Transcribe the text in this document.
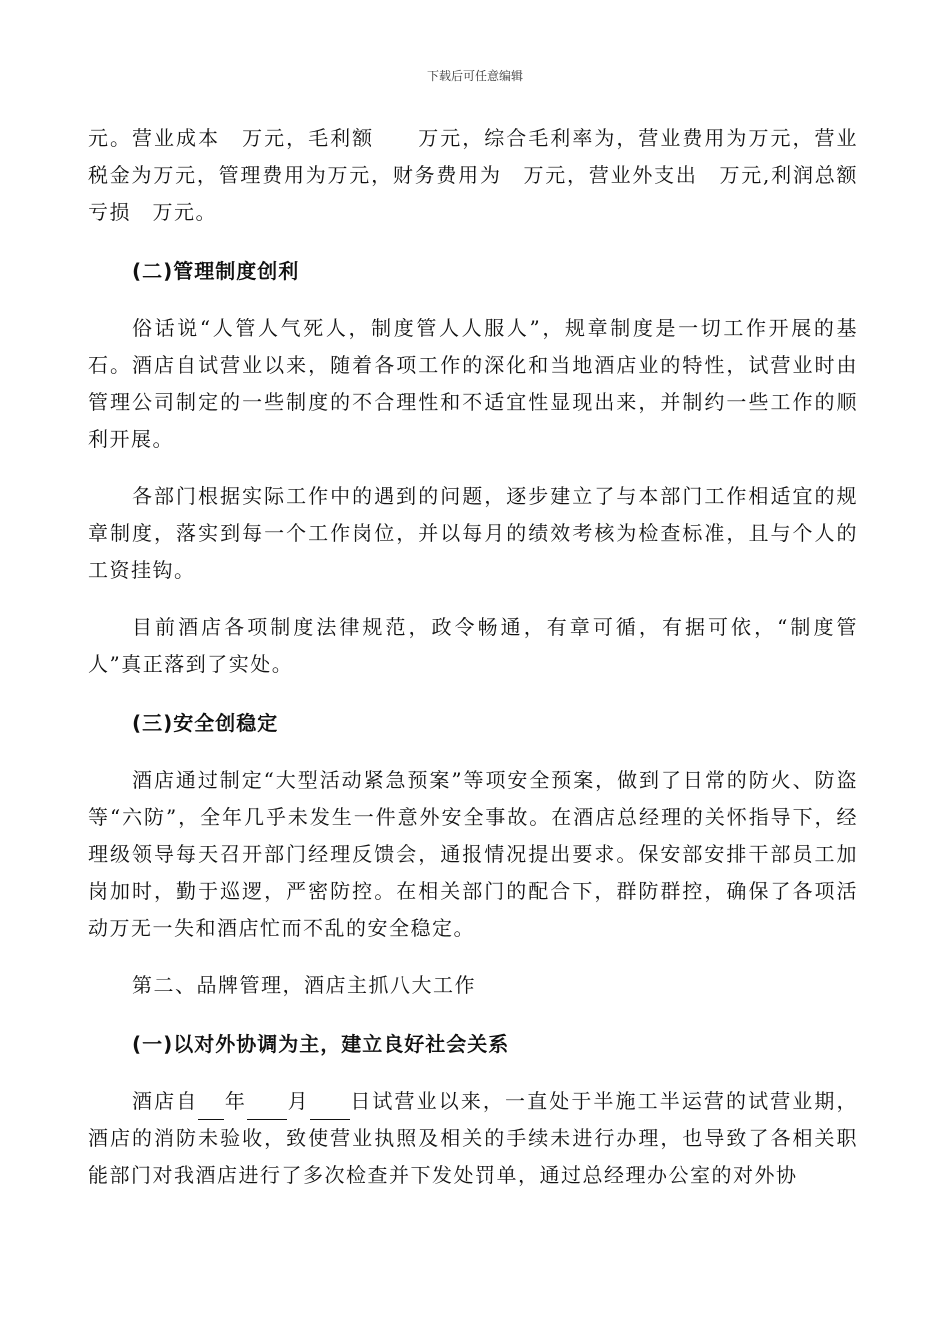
下载后可任意编辑

元。营业成本　万元，毛利额　　万元，综合毛利率为，营业费用为万元，营业税金为万元，管理费用为万元，财务费用为　万元，营业外支出　万元,利润总额亏损　万元。

(二)管理制度创利

俗话说“人管人气死人，制度管人人服人”，规章制度是一切工作开展的基石。酒店自试营业以来，随着各项工作的深化和当地酒店业的特性，试营业时由管理公司制定的一些制度的不合理性和不适宜性显现出来，并制约一些工作的顺利开展。

各部门根据实际工作中的遇到的问题，逐步建立了与本部门工作相适宜的规章制度，落实到每一个工作岗位，并以每月的绩效考核为检查标准，且与个人的工资挂钩。

目前酒店各项制度法律规范，政令畅通，有章可循，有据可依，“制度管人”真正落到了实处。

(三)安全创稳定

酒店通过制定“大型活动紧急预案”等项安全预案，做到了日常的防火、防盗等“六防”，全年几乎未发生一件意外安全事故。在酒店总经理的关怀指导下，经理级领导每天召开部门经理反馈会，通报情况提出要求。保安部安排干部员工加岗加时，勤于巡逻，严密防控。在相关部门的配合下，群防群控，确保了各项活动万无一失和酒店忙而不乱的安全稳定。

第二、品牌管理，酒店主抓八大工作

(一)以对外协调为主，建立良好社会关系

酒店自 年 月 日试营业以来，一直处于半施工半运营的试营业期，酒店的消防未验收，致使营业执照及相关的手续未进行办理，也导致了各相关职能部门对我酒店进行了多次检查并下发处罚单，通过总经理办公室的对外协
